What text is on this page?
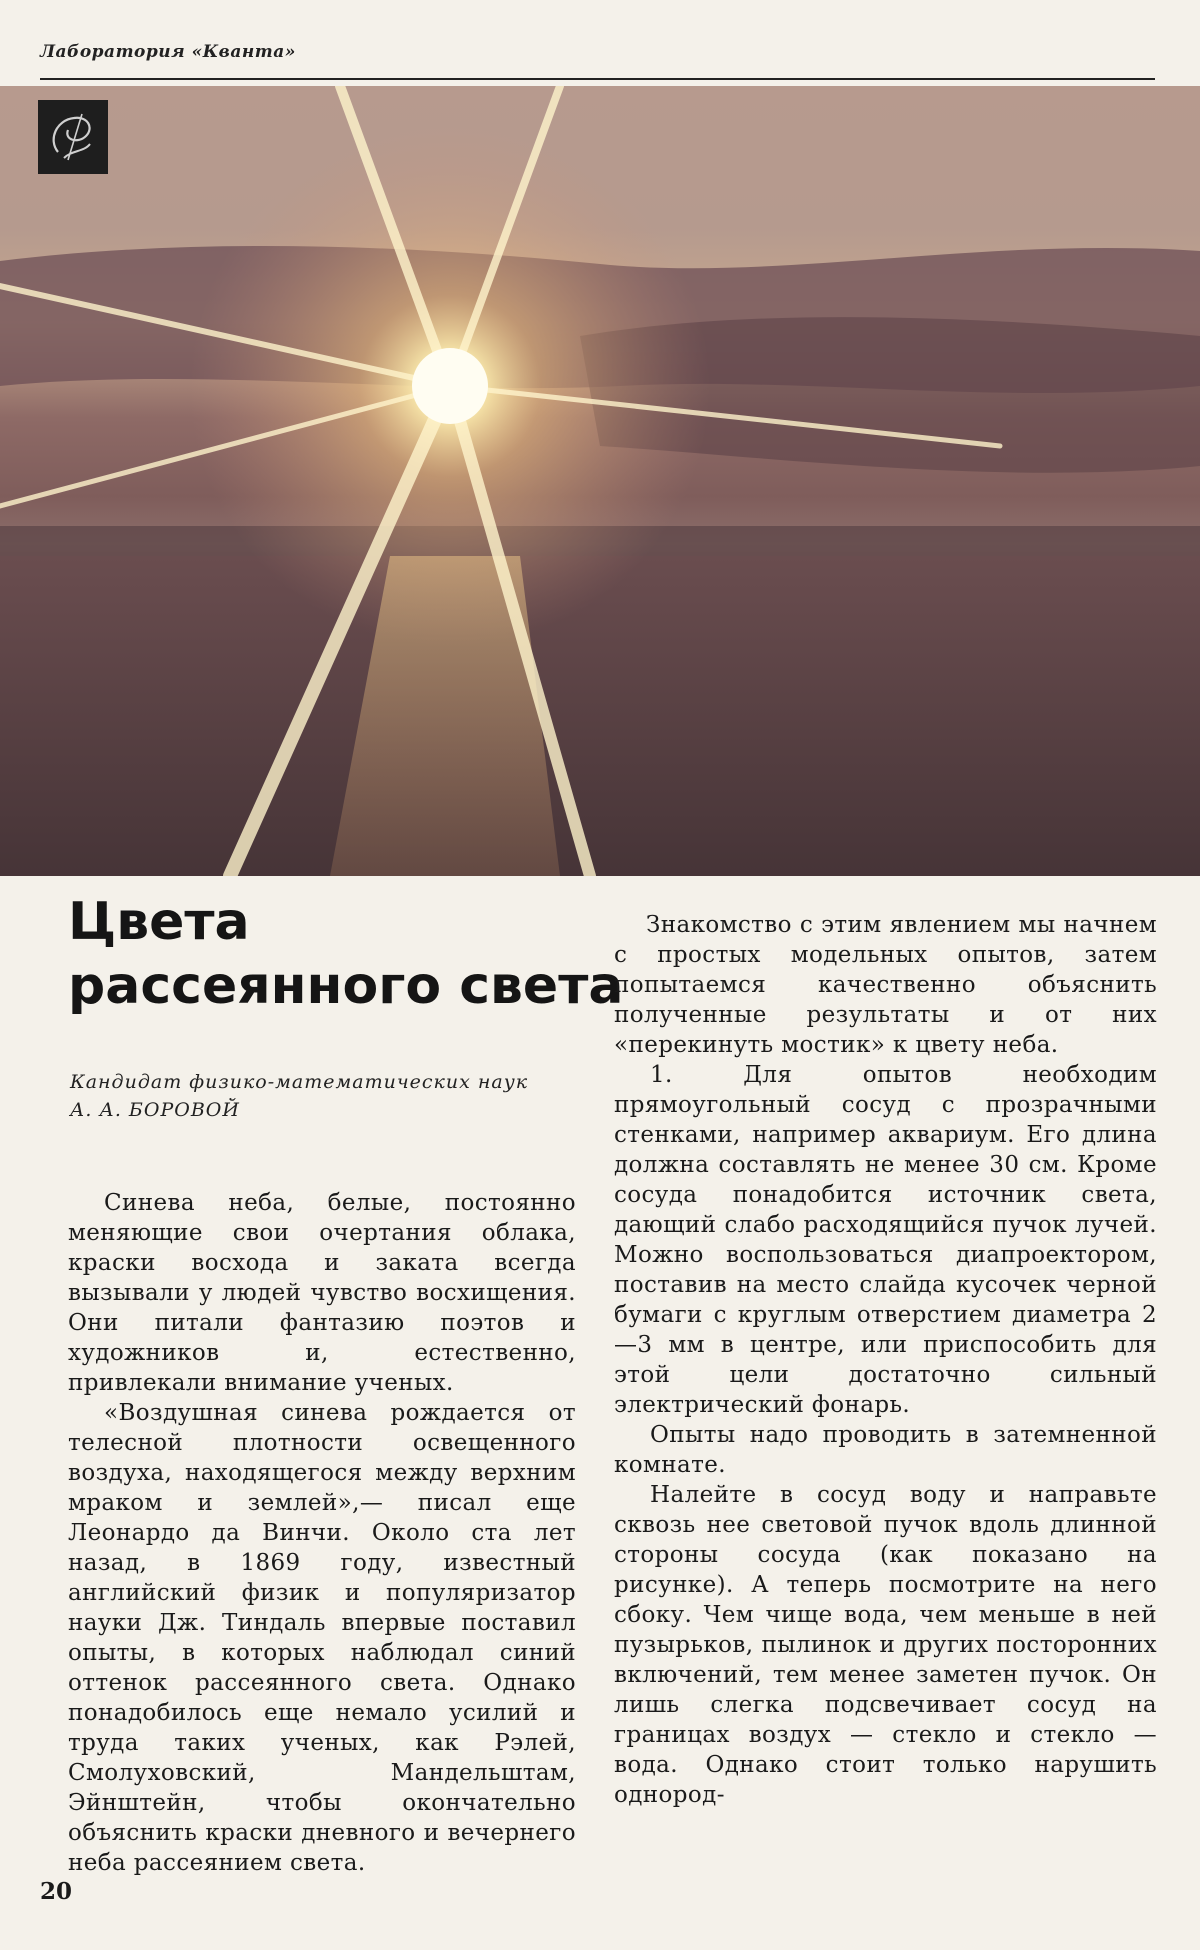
Лаборатория «Кванта»
Цвета
рассеянного света
Кандидат физико-математических наук
А. А. БОРОВОЙ

Синева неба, белые, постоянно меняющие свои очертания облака, краски восхода и заката всегда вызывали у людей чувство восхищения. Они питали фантазию поэтов и художников и, естественно, привлекали внимание ученых.

«Воздушная синева рождается от телесной плотности освещенного воздуха, находящегося между верхним мраком и землей»,— писал еще Леонардо да Винчи. Около ста лет назад, в 1869 году, известный английский физик и популяризатор науки Дж. Тиндаль впервые поставил опыты, в которых наблюдал синий оттенок рассеянного света. Однако понадобилось еще немало усилий и труда таких ученых, как Рэлей, Смолуховский, Мандельштам, Эйнштейн, чтобы окончательно объяснить краски дневного и вечернего неба рассеянием света.

Знакомство с этим явлением мы начнем с простых модельных опытов, затем попытаемся качественно объяснить полученные результаты и от них «перекинуть мостик» к цвету неба.

1. Для опытов необходим прямоугольный сосуд с прозрачными стенками, например аквариум. Его длина должна составлять не менее 30 см. Кроме сосуда понадобится источник света, дающий слабо расходящийся пучок лучей. Можно воспользоваться диапроектором, поставив на место слайда кусочек черной бумаги с круглым отверстием диаметра 2—3 мм в центре, или приспособить для этой цели достаточно сильный электрический фонарь.

Опыты надо проводить в затемненной комнате.

Налейте в сосуд воду и направьте сквозь нее световой пучок вдоль длинной стороны сосуда (как показано на рисунке). А теперь посмотрите на него сбоку. Чем чище вода, чем меньше в ней пузырьков, пылинок и других посторонних включений, тем менее заметен пучок. Он лишь слегка подсвечивает сосуд на границах воздух — стекло и стекло — вода. Однако стоит только нарушить однород-

20
